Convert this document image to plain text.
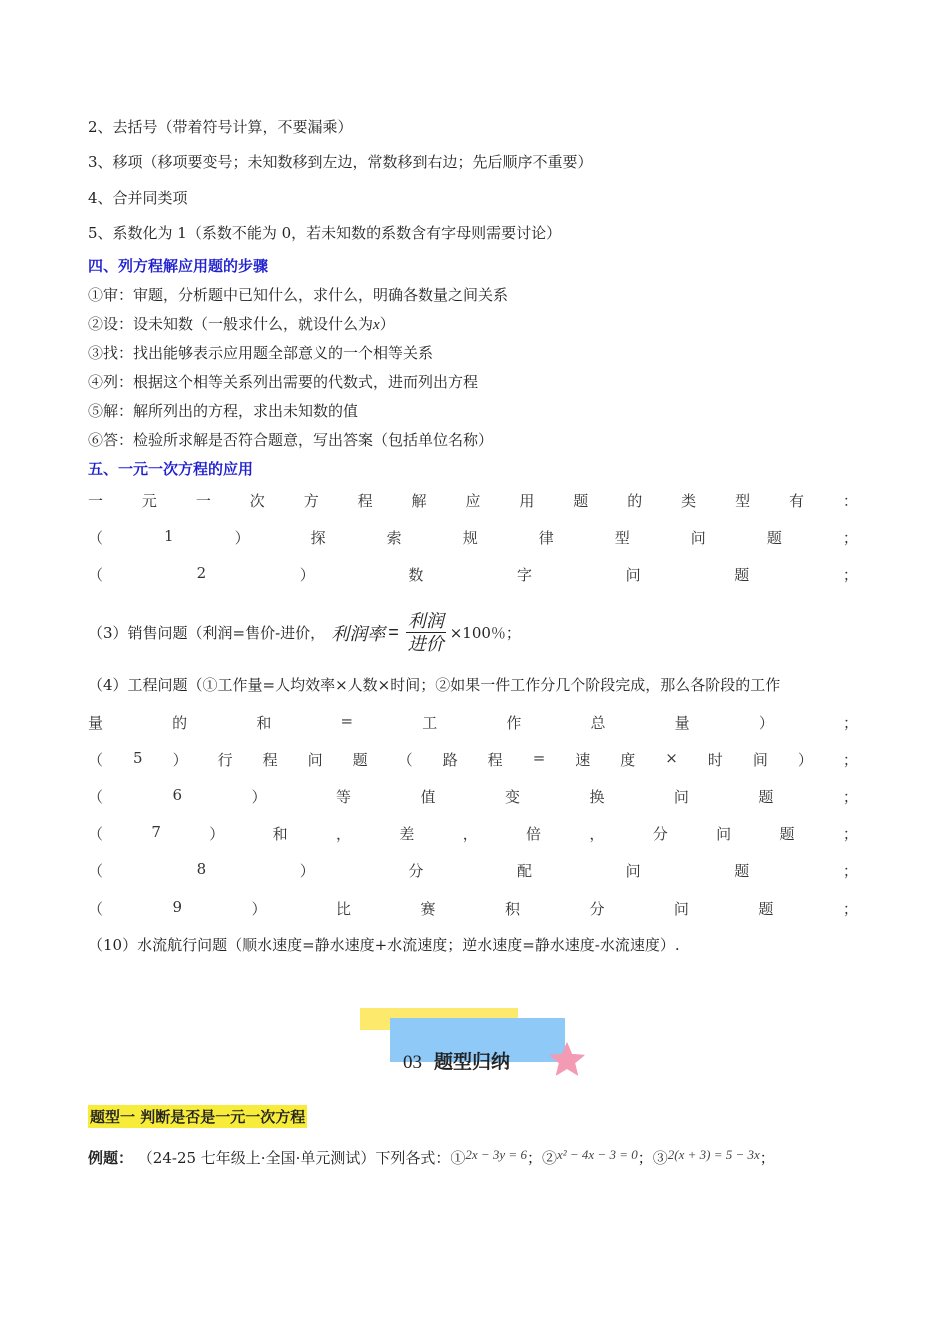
2、去括号（带着符号计算，不要漏乘）
3、移项（移项要变号；未知数移到左边，常数移到右边；先后顺序不重要）
4、合并同类项
5、系数化为 1（系数不能为 0，若未知数的系数含有字母则需要讨论）
四、列方程解应用题的步骤
①审：审题，分析题中已知什么，求什么，明确各数量之间关系
②设：设未知数（一般求什么，就设什么为x）
③找：找出能够表示应用题全部意义的一个相等关系
④列：根据这个相等关系列出需要的代数式，进而列出方程
⑤解：解所列出的方程，求出未知数的值
⑥答：检验所求解是否符合题意，写出答案（包括单位名称）
五、一元一次方程的应用
一	元	一	次	方	程	解	应	用	题	的	类	型	有	：
（	1	）	探	索	规	律	型	问	题	；
（	2	）	数	字	问	题	；
（3）销售问题（利润=售价-进价， 利润率 = $\frac{\text{利润}}{\text{进价}} \times 100$％；
（4）工程问题（①工作量=人均效率×人数×时间；②如果一件工作分几个阶段完成，那么各阶段的工作
量	的	和	=	工	作	总	量	）	；
（ 5 ） 行 程 问 题 （ 路 程 = 速 度 × 时 间 ） ；
（	6	）	等	值	变	换	问	题	；
（	7	）	和	，	差	，	倍	，	分	问	题	；
（	8	）	分	配	问	题	；
（	9	）	比	赛	积	分	问	题	；
（10）水流航行问题（顺水速度=静水速度+水流速度；逆水速度=静水速度-水流速度）.
03 题型归纳
题型一 判断是否是一元一次方程
例题： （24-25 七年级上·全国·单元测试）下列各式：①2x − 3y = 6；②x² − 4x − 3 = 0；③2(x + 3) = 5 − 3x；
